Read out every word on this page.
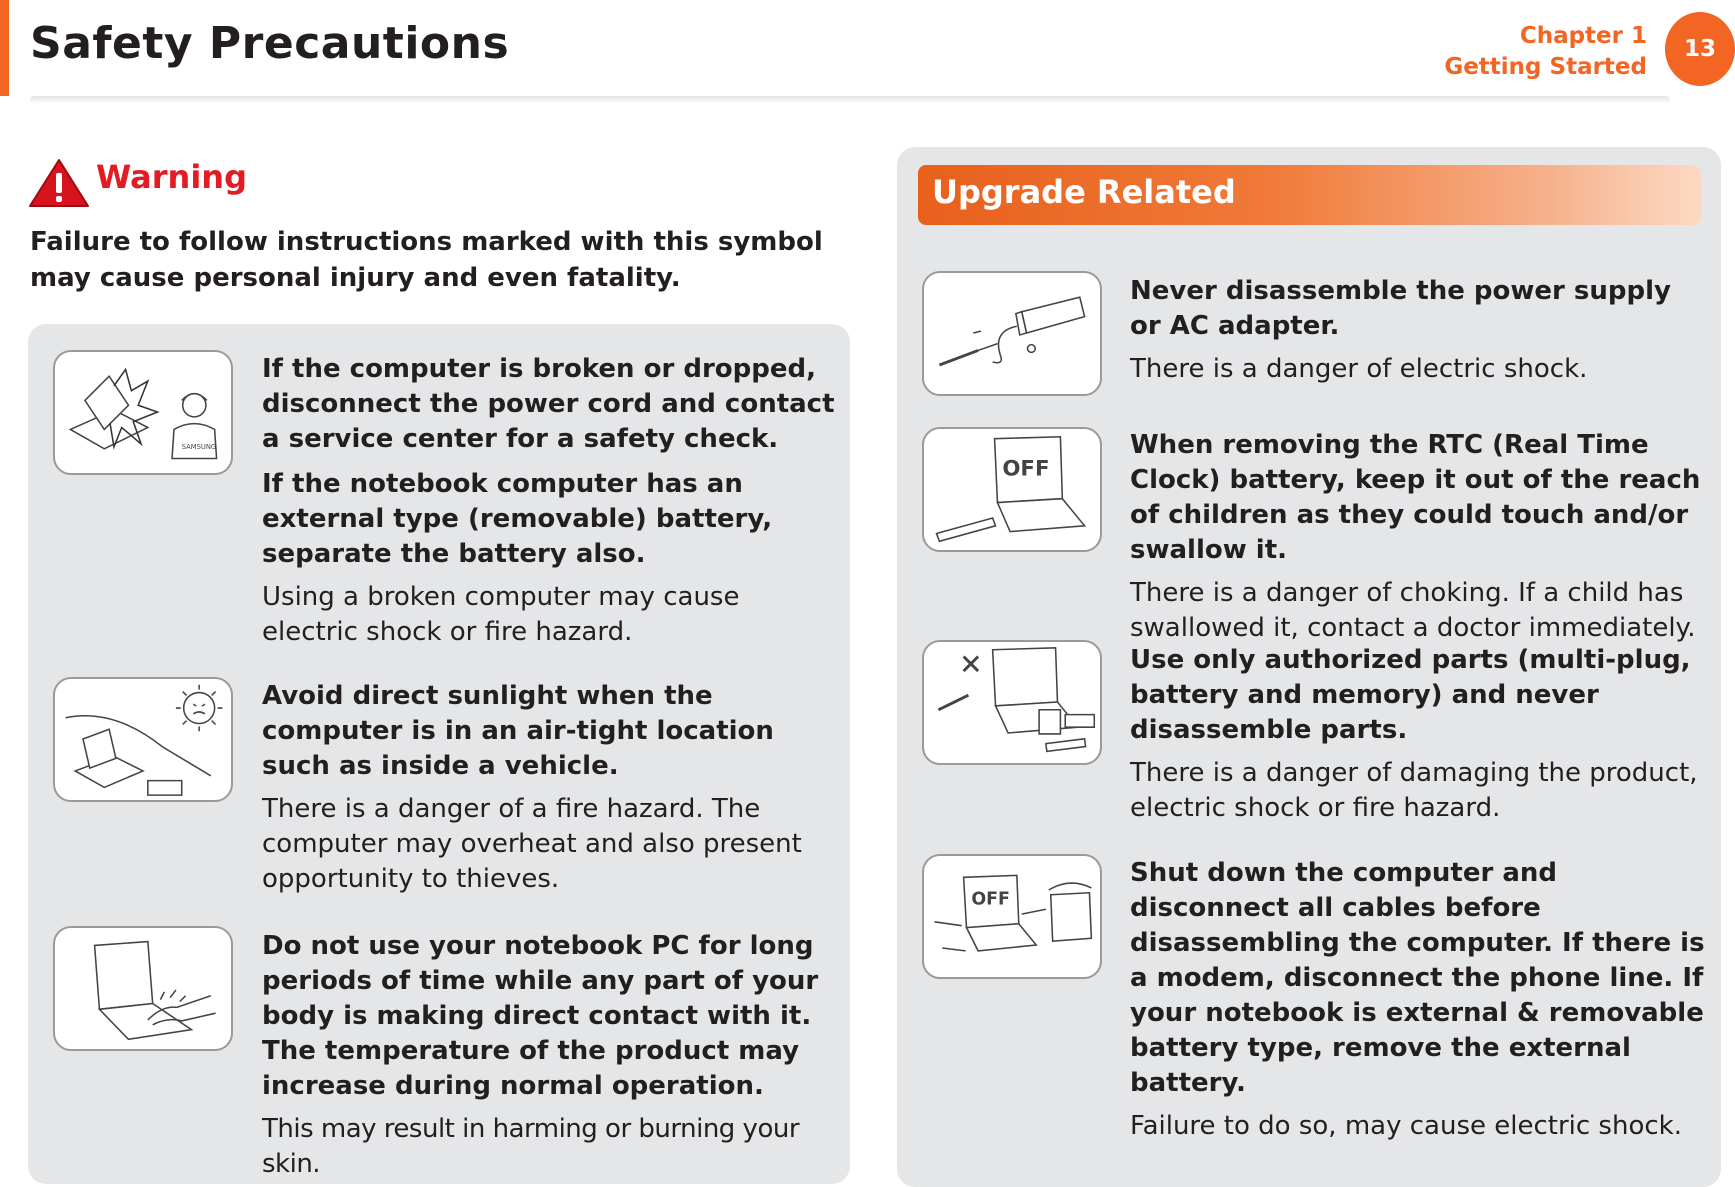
Safety Precautions	Chapter 1
Getting Started
13
Warning
Failure to follow instructions marked with this symbol may cause personal injury and even fatality.
SAMSUNG
If the computer is broken or dropped, disconnect the power cord and contact a service center for a safety check.
If the notebook computer has an external type (removable) battery, separate the battery also.
Using a broken computer may cause electric shock or fire hazard.
Avoid direct sunlight when the computer is in an air-tight location such as inside a vehicle.
There is a danger of a fire hazard. The computer may overheat and also present opportunity to thieves.
Do not use your notebook PC for long periods of time while any part of your body is making direct contact with it. The temperature of the product may increase during normal operation.
This may result in harming or burning your skin.
Upgrade Related
Never disassemble the power supply or AC adapter.
There is a danger of electric shock.
OFF
When removing the RTC (Real Time Clock) battery, keep it out of the reach of children as they could touch and/or swallow it.
There is a danger of choking. If a child has swallowed it, contact a doctor immediately.
Use only authorized parts (multi-plug, battery and memory) and never disassemble parts.
There is a danger of damaging the product, electric shock or fire hazard.
OFF
Shut down the computer and disconnect all cables before disassembling the computer. If there is a modem, disconnect the phone line. If your notebook is external & removable battery type, remove the external battery.
Failure to do so, may cause electric shock.
